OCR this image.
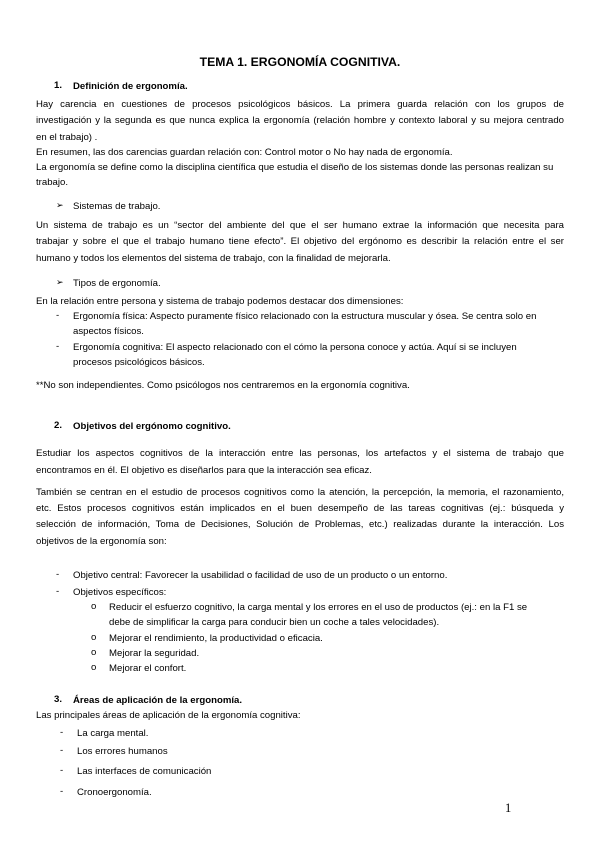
TEMA 1. ERGONOMÍA COGNITIVA.
1. Definición de ergonomía.
Hay carencia en cuestiones de procesos psicológicos básicos. La primera guarda relación con los grupos de
investigación y la segunda es que nunca explica la ergonomía (relación hombre y contexto laboral y su mejora centrado
en el trabajo) .
En resumen, las dos carencias guardan relación con: Control motor o No hay nada de ergonomía.
La ergonomía se define como la disciplina científica que estudia el diseño de los sistemas donde las personas realizan su
trabajo.
➢ Sistemas de trabajo.
Un sistema de trabajo es un “sector del ambiente del que el ser humano extrae la información que necesita para
trabajar y sobre el que el trabajo humano tiene efecto”. El objetivo del ergónomo es describir la relación entre el ser
humano y todos los elementos del sistema de trabajo, con la finalidad de mejorarla.
➢ Tipos de ergonomía.
En la relación entre persona y sistema de trabajo podemos destacar dos dimensiones:
- Ergonomía física: Aspecto puramente físico relacionado con la estructura muscular y ósea. Se centra solo en
aspectos físicos.
- Ergonomía cognitiva: El aspecto relacionado con el cómo la persona conoce y actúa. Aquí si se incluyen
procesos psicológicos básicos.
**No son independientes. Como psicólogos nos centraremos en la ergonomía cognitiva.
2. Objetivos del ergónomo cognitivo.
Estudiar los aspectos cognitivos de la interacción entre las personas, los artefactos y el sistema de trabajo que
encontramos en él. El objetivo es diseñarlos para que la interacción sea eficaz.
También se centran en el estudio de procesos cognitivos como la atención, la percepción, la memoria, el razonamiento,
etc. Estos procesos cognitivos están implicados en el buen desempeño de las tareas cognitivas (ej.: búsqueda y
selección de información, Toma de Decisiones, Solución de Problemas, etc.) realizadas durante la interacción. Los
objetivos de la ergonomía son:
- Objetivo central: Favorecer la usabilidad o facilidad de uso de un producto o un entorno.
- Objetivos específicos:
o Reducir el esfuerzo cognitivo, la carga mental y los errores en el uso de productos (ej.: en la F1 se
debe de simplificar la carga para conducir bien un coche a tales velocidades).
o Mejorar el rendimiento, la productividad o eficacia.
o Mejorar la seguridad.
o Mejorar el confort.
3. Áreas de aplicación de la ergonomía.
Las principales áreas de aplicación de la ergonomía cognitiva:
- La carga mental.
- Los errores humanos
- Las interfaces de comunicación
- Cronoergonomía.
1
